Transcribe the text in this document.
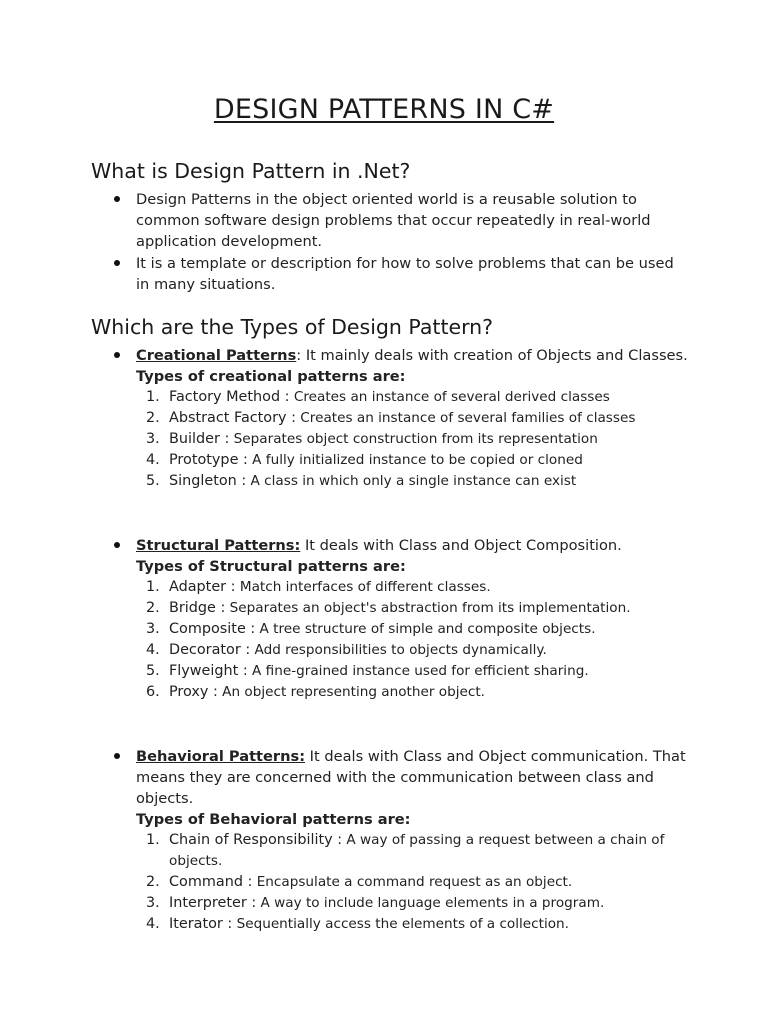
DESIGN PATTERNS IN C#
What is Design Pattern in .Net?
Design Patterns in the object oriented world is a reusable solution to common software design problems that occur repeatedly in real-world application development.
It is a template or description for how to solve problems that can be used in many situations.
Which are the Types of Design Pattern?
Creational Patterns: It mainly deals with creation of Objects and Classes.
Types of creational patterns are:
1. Factory Method : Creates an instance of several derived classes
2. Abstract Factory : Creates an instance of several families of classes
3. Builder : Separates object construction from its representation
4. Prototype : A fully initialized instance to be copied or cloned
5. Singleton : A class in which only a single instance can exist
Structural Patterns: It deals with Class and Object Composition.
Types of Structural patterns are:
1. Adapter : Match interfaces of different classes.
2. Bridge : Separates an object's abstraction from its implementation.
3. Composite : A tree structure of simple and composite objects.
4. Decorator : Add responsibilities to objects dynamically.
5. Flyweight : A fine-grained instance used for efficient sharing.
6. Proxy : An object representing another object.
Behavioral Patterns: It deals with Class and Object communication. That means they are concerned with the communication between class and objects.
Types of Behavioral patterns are:
1. Chain of Responsibility : A way of passing a request between a chain of objects.
2. Command : Encapsulate a command request as an object.
3. Interpreter : A way to include language elements in a program.
4. Iterator : Sequentially access the elements of a collection.
